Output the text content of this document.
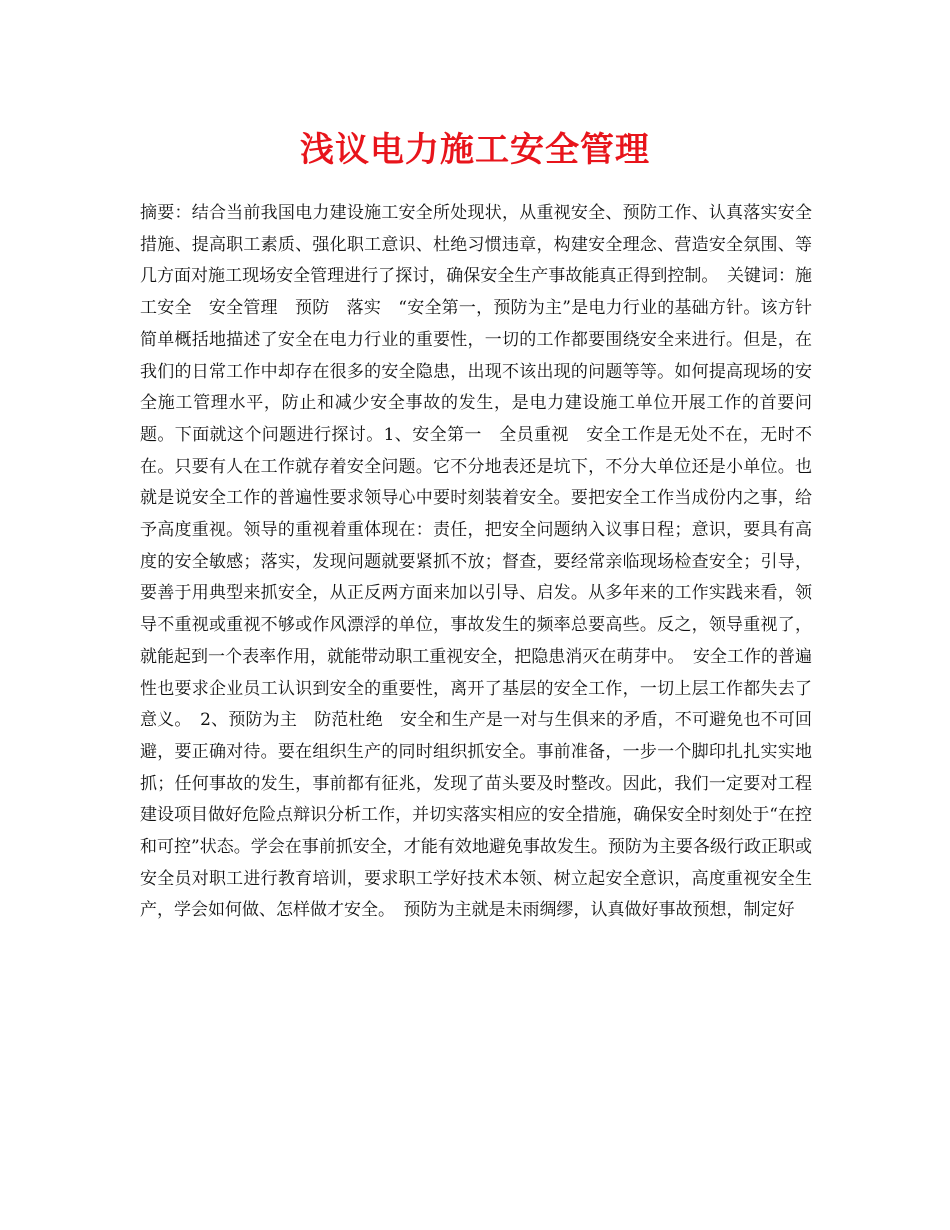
浅议电力施工安全管理

摘要：结合当前我国电力建设施工安全所处现状，从重视安全、预防工作、认真落实安全措施、提高职工素质、强化职工意识、杜绝习惯违章，构建安全理念、营造安全氛围、等几方面对施工现场安全管理进行了探讨，确保安全生产事故能真正得到控制。　关键词：施工安全　安全管理　预防　落实　“安全第一，预防为主”是电力行业的基础方针。该方针简单概括地描述了安全在电力行业的重要性，一切的工作都要围绕安全来进行。但是，在我们的日常工作中却存在很多的安全隐患，出现不该出现的问题等等。如何提高现场的安全施工管理水平，防止和减少安全事故的发生，是电力建设施工单位开展工作的首要问题。下面就这个问题进行探讨。1、安全第一　全员重视　安全工作是无处不在，无时不在。只要有人在工作就存着安全问题。它不分地表还是坑下，不分大单位还是小单位。也就是说安全工作的普遍性要求领导心中要时刻装着安全。要把安全工作当成份内之事，给予高度重视。领导的重视着重体现在：责任，把安全问题纳入议事日程；意识，要具有高度的安全敏感；落实，发现问题就要紧抓不放；督查，要经常亲临现场检查安全；引导，要善于用典型来抓安全，从正反两方面来加以引导、启发。从多年来的工作实践来看，领导不重视或重视不够或作风漂浮的单位，事故发生的频率总要高些。反之，领导重视了，就能起到一个表率作用，就能带动职工重视安全，把隐患消灭在萌芽中。　安全工作的普遍性也要求企业员工认识到安全的重要性，离开了基层的安全工作，一切上层工作都失去了意义。　2、预防为主　防范杜绝　安全和生产是一对与生俱来的矛盾，不可避免也不可回避，要正确对待。要在组织生产的同时组织抓安全。事前准备，一步一个脚印扎扎实实地抓；任何事故的发生，事前都有征兆，发现了苗头要及时整改。因此，我们一定要对工程建设项目做好危险点辩识分析工作，并切实落实相应的安全措施，确保安全时刻处于“在控和可控”状态。学会在事前抓安全，才能有效地避免事故发生。预防为主要各级行政正职或安全员对职工进行教育培训，要求职工学好技术本领、树立起安全意识，高度重视安全生产，学会如何做、怎样做才安全。　预防为主就是未雨绸缪，认真做好事故预想，制定好
